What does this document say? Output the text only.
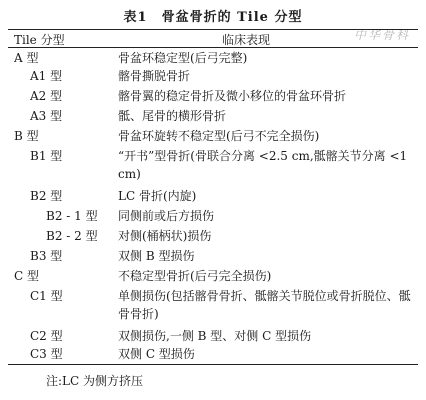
表1 骨盆骨折的 Tile 分型
中华骨科
Tile 分型	临床表现
A 型	骨盆环稳定型(后弓完整)
A1 型	髂骨撕脱骨折
A2 型	髂骨翼的稳定骨折及微小移位的骨盆环骨折
A3 型	骶、尾骨的横形骨折
B 型	骨盆环旋转不稳定型(后弓不完全损伤)
B1 型	“开书”型骨折(骨联合分离 <2.5 cm,骶髂关节分离 <1 cm)
B2 型	LC 骨折(内旋)
B2 - 1 型 同侧前或后方损伤
B2 - 2 型 对侧(桶柄状)损伤
B3 型	双侧 B 型损伤
C 型	不稳定型骨折(后弓完全损伤)
C1 型	单侧损伤(包括髂骨骨折、骶髂关节脱位或骨折脱位、骶骨骨折)
C2 型	双侧损伤,一侧 B 型、对侧 C 型损伤
C3 型	双侧 C 型损伤
注:LC 为侧方挤压
